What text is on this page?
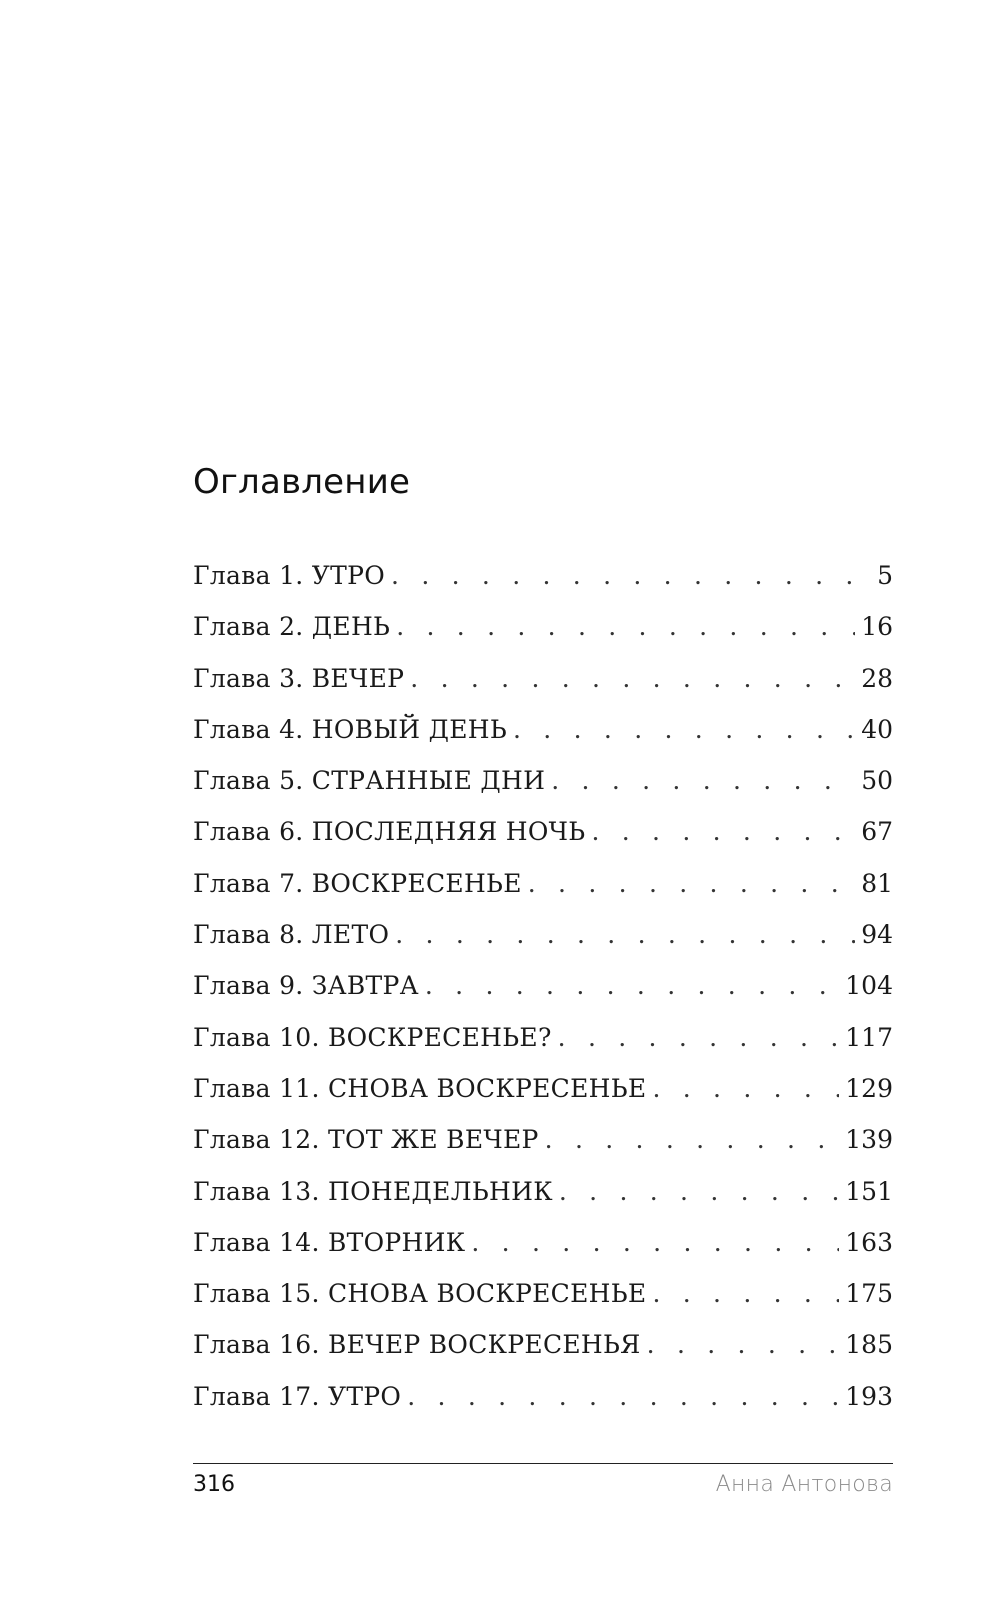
Оглавление
Глава 1. УТРО . . .	5
Глава 2. ДЕНЬ . . .	16
Глава 3. ВЕЧЕР . . .	28
Глава 4. НОВЫЙ ДЕНЬ . . .	40
Глава 5. СТРАННЫЕ ДНИ . . .	50
Глава 6. ПОСЛЕДНЯЯ НОЧЬ . . .	67
Глава 7. ВОСКРЕСЕНЬЕ . . .	81
Глава 8. ЛЕТО . . .	94
Глава 9. ЗАВТРА . . .	104
Глава 10. ВОСКРЕСЕНЬЕ? . . .	117
Глава 11. СНОВА ВОСКРЕСЕНЬЕ . . .	129
Глава 12. ТОТ ЖЕ ВЕЧЕР . . .	139
Глава 13. ПОНЕДЕЛЬНИК . . .	151
Глава 14. ВТОРНИК . . .	163
Глава 15. СНОВА ВОСКРЕСЕНЬЕ . . .	175
Глава 16. ВЕЧЕР ВОСКРЕСЕНЬЯ . . .	185
Глава 17. УТРО . . .	193
316	Анна Антонова
